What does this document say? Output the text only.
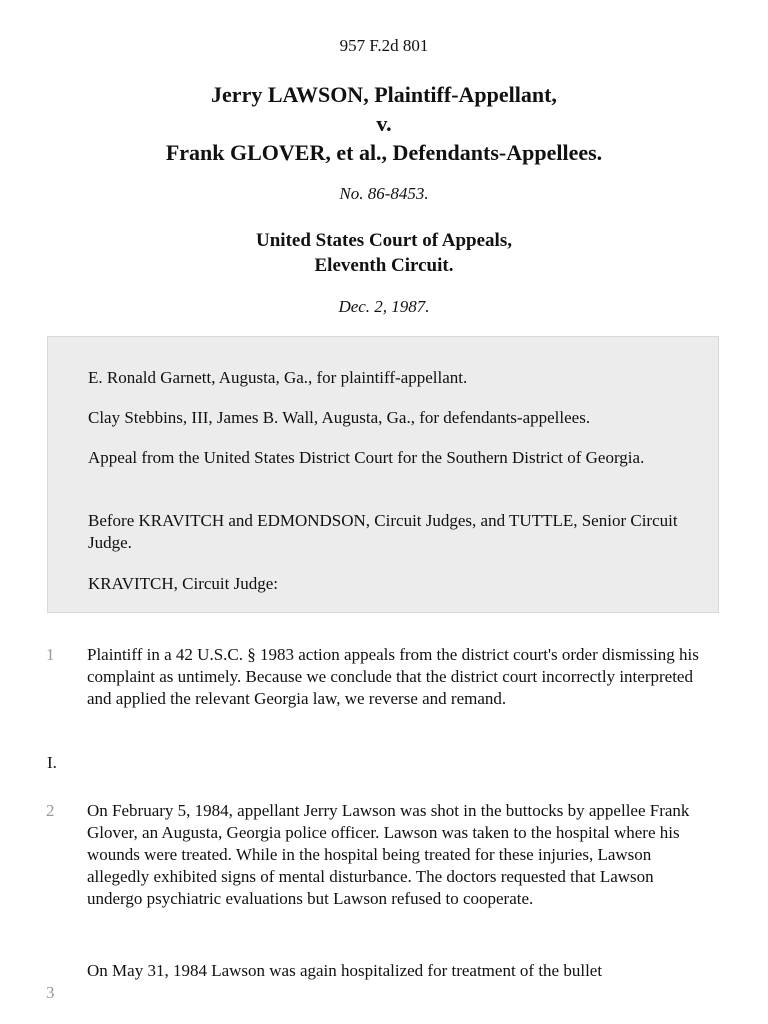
957 F.2d 801
Jerry LAWSON, Plaintiff-Appellant,
v.
Frank GLOVER, et al., Defendants-Appellees.
No. 86-8453.
United States Court of Appeals,
Eleventh Circuit.
Dec. 2, 1987.

E. Ronald Garnett, Augusta, Ga., for plaintiff-appellant.

Clay Stebbins, III, James B. Wall, Augusta, Ga., for defendants-appellees.

Appeal from the United States District Court for the Southern District of Georgia.

Before KRAVITCH and EDMONDSON, Circuit Judges, and TUTTLE, Senior Circuit Judge.

KRAVITCH, Circuit Judge:

1 Plaintiff in a 42 U.S.C. § 1983 action appeals from the district court's order dismissing his complaint as untimely. Because we conclude that the district court incorrectly interpreted and applied the relevant Georgia law, we reverse and remand.
I.
2 On February 5, 1984, appellant Jerry Lawson was shot in the buttocks by appellee Frank Glover, an Augusta, Georgia police officer. Lawson was taken to the hospital where his wounds were treated. While in the hospital being treated for these injuries, Lawson allegedly exhibited signs of mental disturbance. The doctors requested that Lawson undergo psychiatric evaluations but Lawson refused to cooperate.
3
On May 31, 1984 Lawson was again hospitalized for treatment of the bullet
